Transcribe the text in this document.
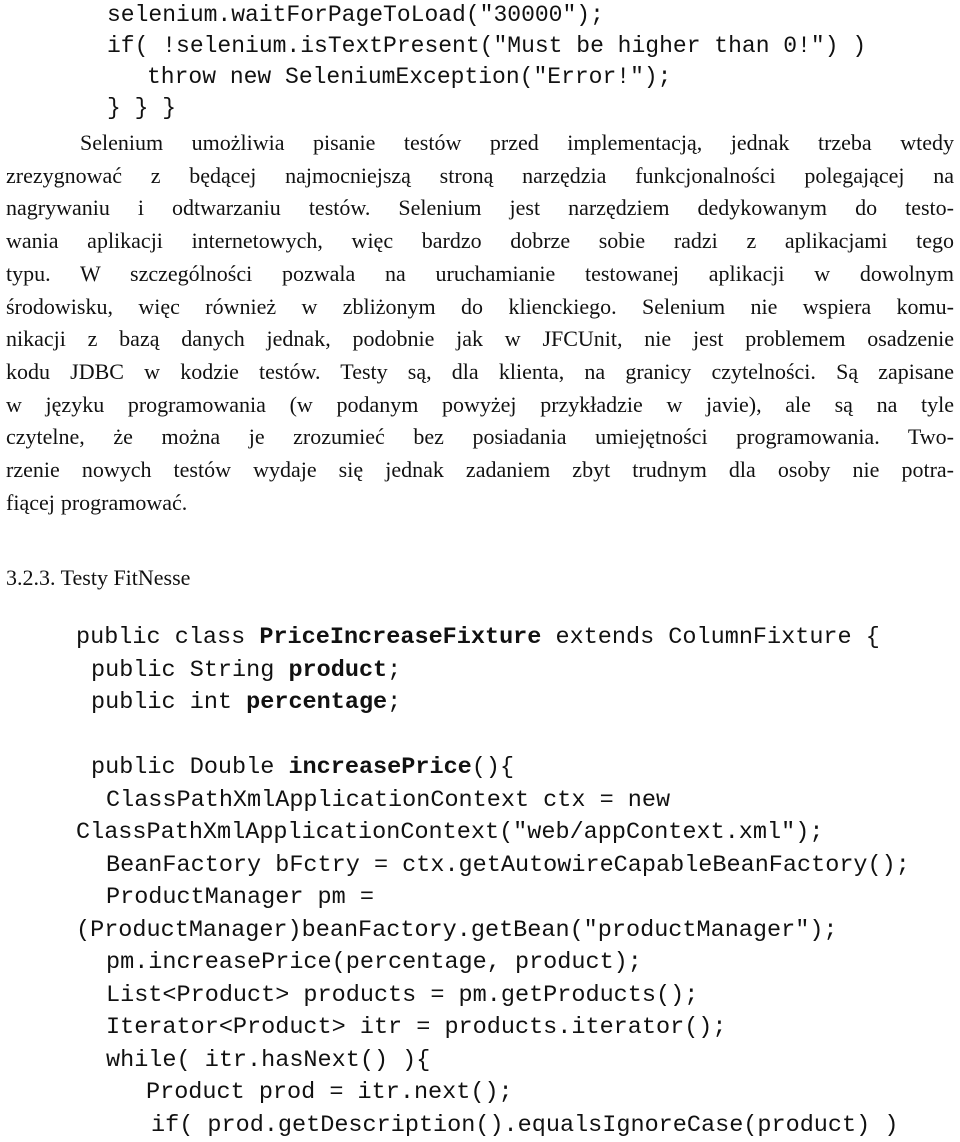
selenium.waitForPageToLoad("30000");
if( !selenium.isTextPresent("Must be higher than 0!") )
throw new SeleniumException("Error!");
} } }
Selenium umożliwia pisanie testów przed implementacją, jednak trzeba wtedy
zrezygnować z będącej najmocniejszą stroną narzędzia funkcjonalności polegającej na
nagrywaniu i odtwarzaniu testów. Selenium jest narzędziem dedykowanym do testo-
wania aplikacji internetowych, więc bardzo dobrze sobie radzi z aplikacjami tego
typu. W szczególności pozwala na uruchamianie testowanej aplikacji w dowolnym
środowisku, więc również w zbliżonym do klienckiego. Selenium nie wspiera komu-
nikacji z bazą danych jednak, podobnie jak w JFCUnit, nie jest problemem osadzenie
kodu JDBC w kodzie testów. Testy są, dla klienta, na granicy czytelności. Są zapisane
w języku programowania (w podanym powyżej przykładzie w javie), ale są na tyle
czytelne, że można je zrozumieć bez posiadania umiejętności programowania. Two-
rzenie nowych testów wydaje się jednak zadaniem zbyt trudnym dla osoby nie potra-
fiącej programować.
3.2.3. Testy FitNesse
public class PriceIncreaseFixture extends ColumnFixture {
public String product;
public int percentage;
public Double increasePrice(){
ClassPathXmlApplicationContext ctx = new
ClassPathXmlApplicationContext("web/appContext.xml");
BeanFactory bFctry = ctx.getAutowireCapableBeanFactory();
ProductManager pm =
(ProductManager)beanFactory.getBean("productManager");
pm.increasePrice(percentage, product);
List<Product> products = pm.getProducts();
Iterator<Product> itr = products.iterator();
while( itr.hasNext() ){
Product prod = itr.next();
if( prod.getDescription().equalsIgnoreCase(product) )
